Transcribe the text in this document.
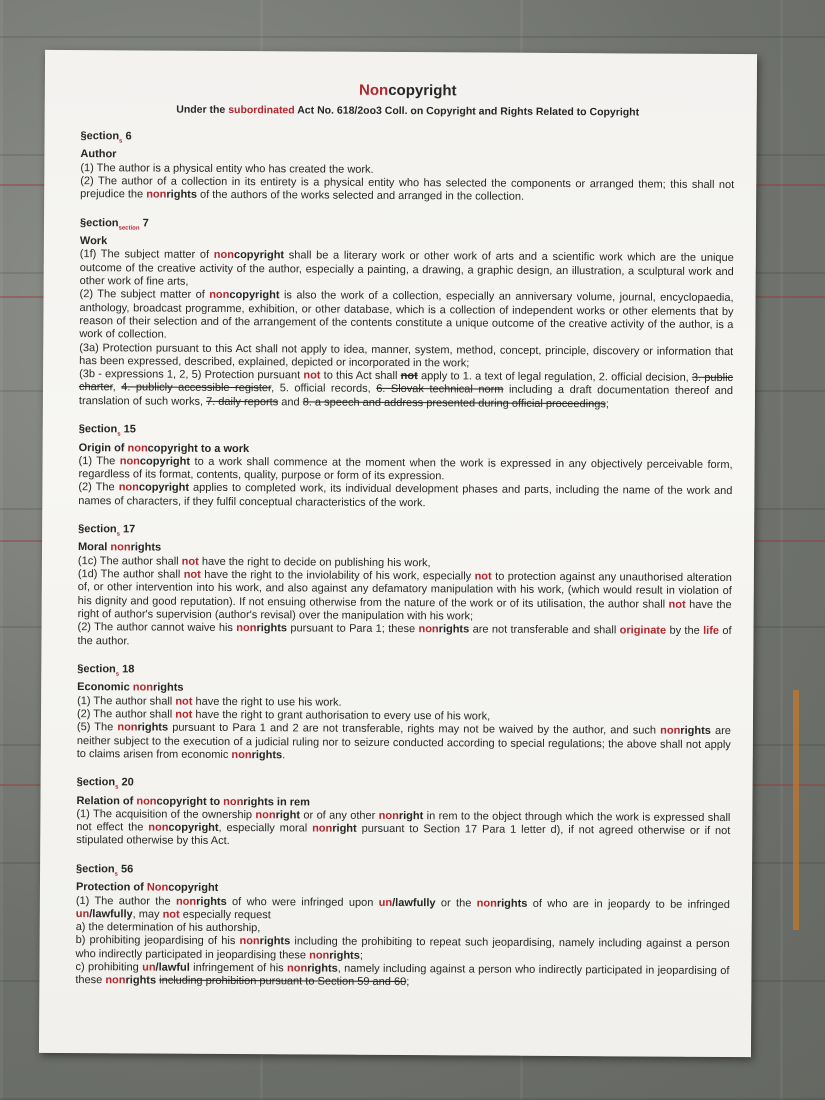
Noncopyright
Under the subordinated Act No. 618/2oo3 Coll. on Copyright and Rights Related to Copyright
§ection$_s$ 6
Author

(1) The author is a physical entity who has created the work.

(2) The author of a collection in its entirety is a physical entity who has selected the components or arranged them; this shall not prejudice the nonrights of the authors of the works selected and arranged in the collection.

§ection$_{section}$ 7
Work

(1f) The subject matter of noncopyright shall be a literary work or other work of arts and a scientific work which are the unique outcome of the creative activity of the author, especially a painting, a drawing, a graphic design, an illustration, a sculptural work and other work of fine arts,

(2) The subject matter of noncopyright is also the work of a collection, especially an anniversary volume, journal, encyclopaedia, anthology, broadcast programme, exhibition, or other database, which is a collection of independent works or other elements that by reason of their selection and of the arrangement of the contents constitute a unique outcome of the creative activity of the author, is a work of collection.

(3a) Protection pursuant to this Act shall not apply to idea, manner, system, method, concept, principle, discovery or information that has been expressed, described, explained, depicted or incorporated in the work;

(3b - expressions 1, 2, 5) Protection pursuant not to this Act shall not apply to 1. a text of legal regulation, 2. official decision, 3. public charter, 4. publicly accessible register, 5. official records, 6. Slovak technical norm including a draft documentation thereof and translation of such works, 7. daily reports and 8. a speech and address presented during official proceedings;

§ection$_s$ 15
Origin of noncopyright to a work

(1) The noncopyright to a work shall commence at the moment when the work is expressed in any objectively perceivable form, regardless of its format, contents, quality, purpose or form of its expression.

(2) The noncopyright applies to completed work, its individual development phases and parts, including the name of the work and names of characters, if they fulfil conceptual characteristics of the work.

§ection$_s$ 17
Moral nonrights

(1c) The author shall not have the right to decide on publishing his work,

(1d) The author shall not have the right to the inviolability of his work, especially not to protection against any unauthorised alteration of, or other intervention into his work, and also against any defamatory manipulation with his work, (which would result in violation of his dignity and good reputation). If not ensuing otherwise from the nature of the work or of its utilisation, the author shall not have the right of author's supervision (author's revisal) over the manipulation with his work;

(2) The author cannot waive his nonrights pursuant to Para 1; these nonrights are not transferable and shall originate by the life of the author.

§ection$_s$ 18
Economic nonrights

(1) The author shall not have the right to use his work.

(2) The author shall not have the right to grant authorisation to every use of his work,

(5) The nonrights pursuant to Para 1 and 2 are not transferable, rights may not be waived by the author, and such nonrights are neither subject to the execution of a judicial ruling nor to seizure conducted according to special regulations; the above shall not apply to claims arisen from economic nonrights.

§ection$_s$ 20
Relation of noncopyright to nonrights in rem

(1) The acquisition of the ownership nonright or of any other nonright in rem to the object through which the work is expressed shall not effect the noncopyright, especially moral nonright pursuant to Section 17 Para 1 letter d), if not agreed otherwise or if not stipulated otherwise by this Act.

§ection$_s$ 56
Protection of Noncopyright

(1) The author the nonrights of who were infringed upon un/lawfully or the nonrights of who are in jeopardy to be infringed un/lawfully, may not especially request

a) the determination of his authorship,

b) prohibiting jeopardising of his nonrights including the prohibiting to repeat such jeopardising, namely including against a person who indirectly participated in jeopardising these nonrights;

c) prohibiting un/lawful infringement of his nonrights, namely including against a person who indirectly participated in jeopardising of these nonrights including prohibition pursuant to Section 59 and 60;
